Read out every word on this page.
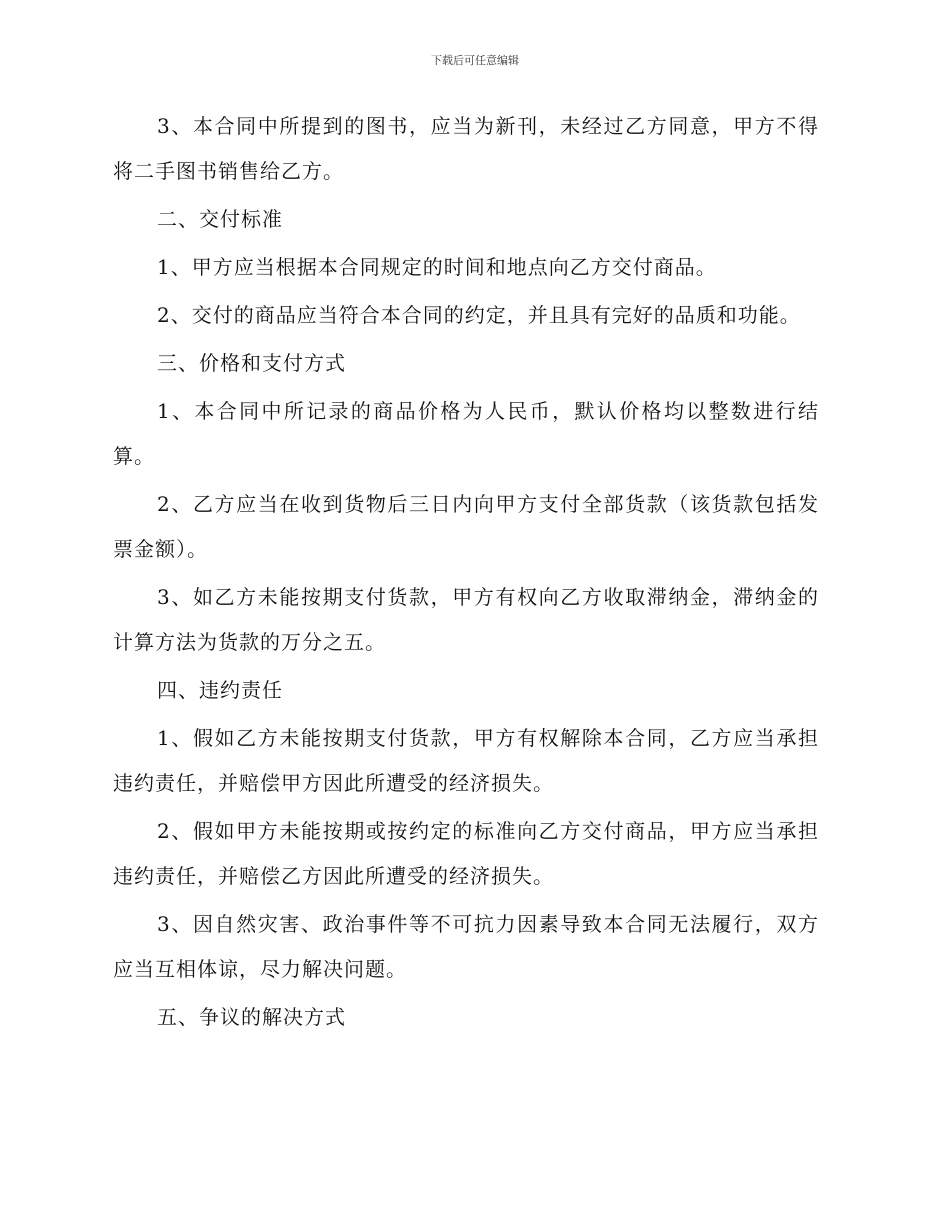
下载后可任意编辑

3、本合同中所提到的图书，应当为新刊，未经过乙方同意，甲方不得将二手图书销售给乙方。

二、交付标准

1、甲方应当根据本合同规定的时间和地点向乙方交付商品。

2、交付的商品应当符合本合同的约定，并且具有完好的品质和功能。

三、价格和支付方式

1、本合同中所记录的商品价格为人民币，默认价格均以整数进行结算。

2、乙方应当在收到货物后三日内向甲方支付全部货款（该货款包括发票金额）。

3、如乙方未能按期支付货款，甲方有权向乙方收取滞纳金，滞纳金的计算方法为货款的万分之五。

四、违约责任

1、假如乙方未能按期支付货款，甲方有权解除本合同，乙方应当承担违约责任，并赔偿甲方因此所遭受的经济损失。

2、假如甲方未能按期或按约定的标准向乙方交付商品，甲方应当承担违约责任，并赔偿乙方因此所遭受的经济损失。

3、因自然灾害、政治事件等不可抗力因素导致本合同无法履行，双方应当互相体谅，尽力解决问题。

五、争议的解决方式
